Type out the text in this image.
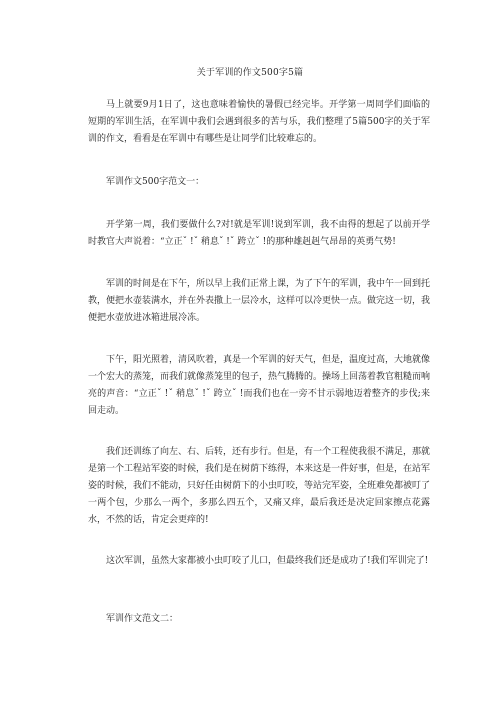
关于军训的作文500字5篇

马上就要9月1日了，这也意味着愉快的暑假已经完毕。开学第一周同学们面临的短期的军训生活，在军训中我们会遇到很多的苦与乐，我们整理了5篇500字的关于军训的作文，看看是在军训中有哪些是让同学们比较难忘的。

军训作文500字范文一：

开学第一周，我们要做什么?对!就是军训!说到军训，我不由得的想起了以前开学时教官大声说着：“立正ˇ !ˇ 稍息ˇ !ˇ 跨立ˇ !的那种雄赳赳气昂昂的英勇气势!

军训的时间是在下午，所以早上我们正常上课，为了下午的军训，我中午一回到托教，便把水壶装满水，并在外表撒上一层冷水，这样可以冷更快一点。做完这一切，我便把水壶放进冰箱进展冷冻。

下午，阳光照着，清风吹着，真是一个军训的好天气，但是，温度过高，大地就像一个宏大的蒸笼，而我们就像蒸笼里的包子，热气腾腾的。操场上回荡着教官粗糙而响亮的声音：“立正ˇ !ˇ 稍息ˇ !ˇ 跨立ˇ !而我们也在一旁不甘示弱地迈着整齐的步伐;来回走动。

我们还训练了向左、右、后转，还有步行。但是，有一个工程使我很不满足，那就是第一个工程站军姿的时候，我们是在树荫下练得，本来这是一件好事，但是，在站军姿的时候，我们不能动，只好任由树荫下的小虫叮咬，等站完军姿，全班难免都被叮了一两个包，少那么一两个，多那么四五个，又痛又痒，最后我还是决定回家擦点花露水，不然的话，肯定会更痒的!

这次军训，虽然大家都被小虫叮咬了儿口，但最终我们还是成功了!我们军训完了!

军训作文范文二：
